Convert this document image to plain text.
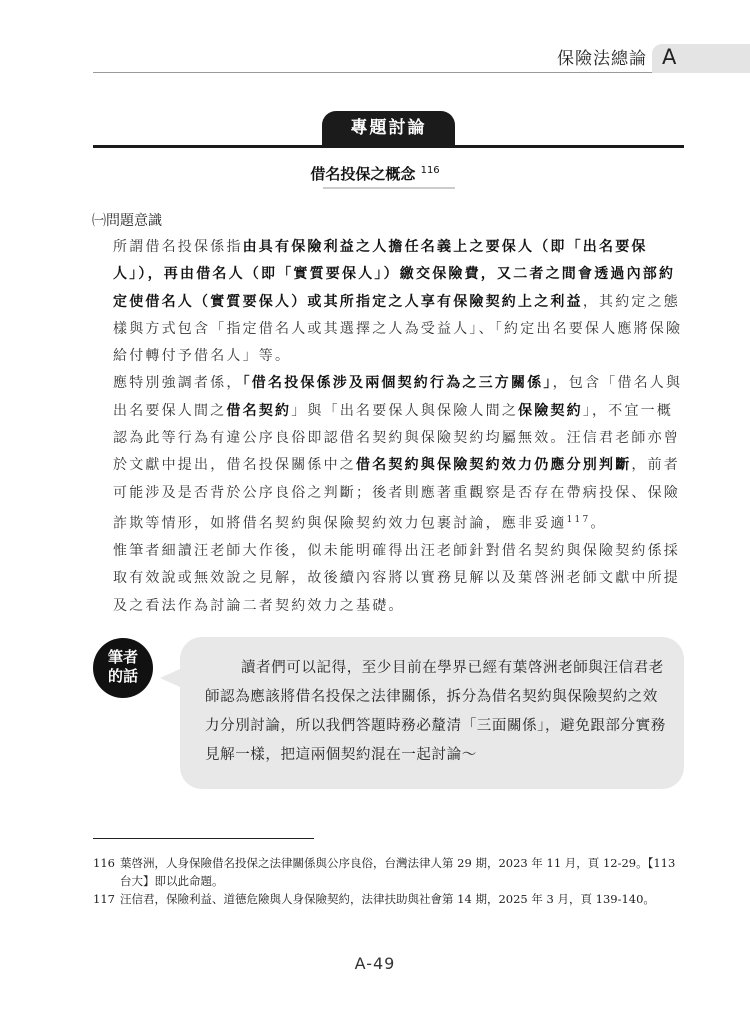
保險法總論 A
專題討論
借名投保之概念 $^{116}$
㈠問題意識

所謂借名投保係指由具有保險利益之人擔任名義上之要保人（即「出名要保人」），再由借名人（即「實質要保人」）繳交保險費，又二者之間會透過內部約定使借名人（實質要保人）或其所指定之人享有保險契約上之利益，其約定之態樣與方式包含「指定借名人或其選擇之人為受益人」、「約定出名要保人應將保險給付轉付予借名人」等。

應特別強調者係，「借名投保係涉及兩個契約行為之三方關係」，包含「借名人與出名要保人間之借名契約」與「出名要保人與保險人間之保險契約」，不宜一概認為此等行為有違公序良俗即認借名契約與保險契約均屬無效。汪信君老師亦曾於文獻中提出，借名投保關係中之借名契約與保險契約效力仍應分別判斷，前者可能涉及是否背於公序良俗之判斷；後者則應著重觀察是否存在帶病投保、保險詐欺等情形，如將借名契約與保險契約效力包裹討論，應非妥適$^{117}$。

惟筆者細讀汪老師大作後，似未能明確得出汪老師針對借名契約與保險契約係採取有效說或無效說之見解，故後續內容將以實務見解以及葉啓洲老師文獻中所提及之看法作為討論二者契約效力之基礎。

筆者
的話	讀者們可以記得，至少目前在學界已經有葉啓洲老師與汪信君老師認為應該將借名投保之法律關係，拆分為借名契約與保險契約之效力分別討論，所以我們答題時務必釐清「三面關係」，避免跟部分實務見解一樣，把這兩個契約混在一起討論～
116 葉啓洲，人身保險借名投保之法律關係與公序良俗，台灣法律人第 29 期，2023 年 11 月，頁 12-29。【113 台大】即以此命題。
117 汪信君，保險利益、道德危險與人身保險契約，法律扶助與社會第 14 期，2025 年 3 月，頁 139-140。
A-49
